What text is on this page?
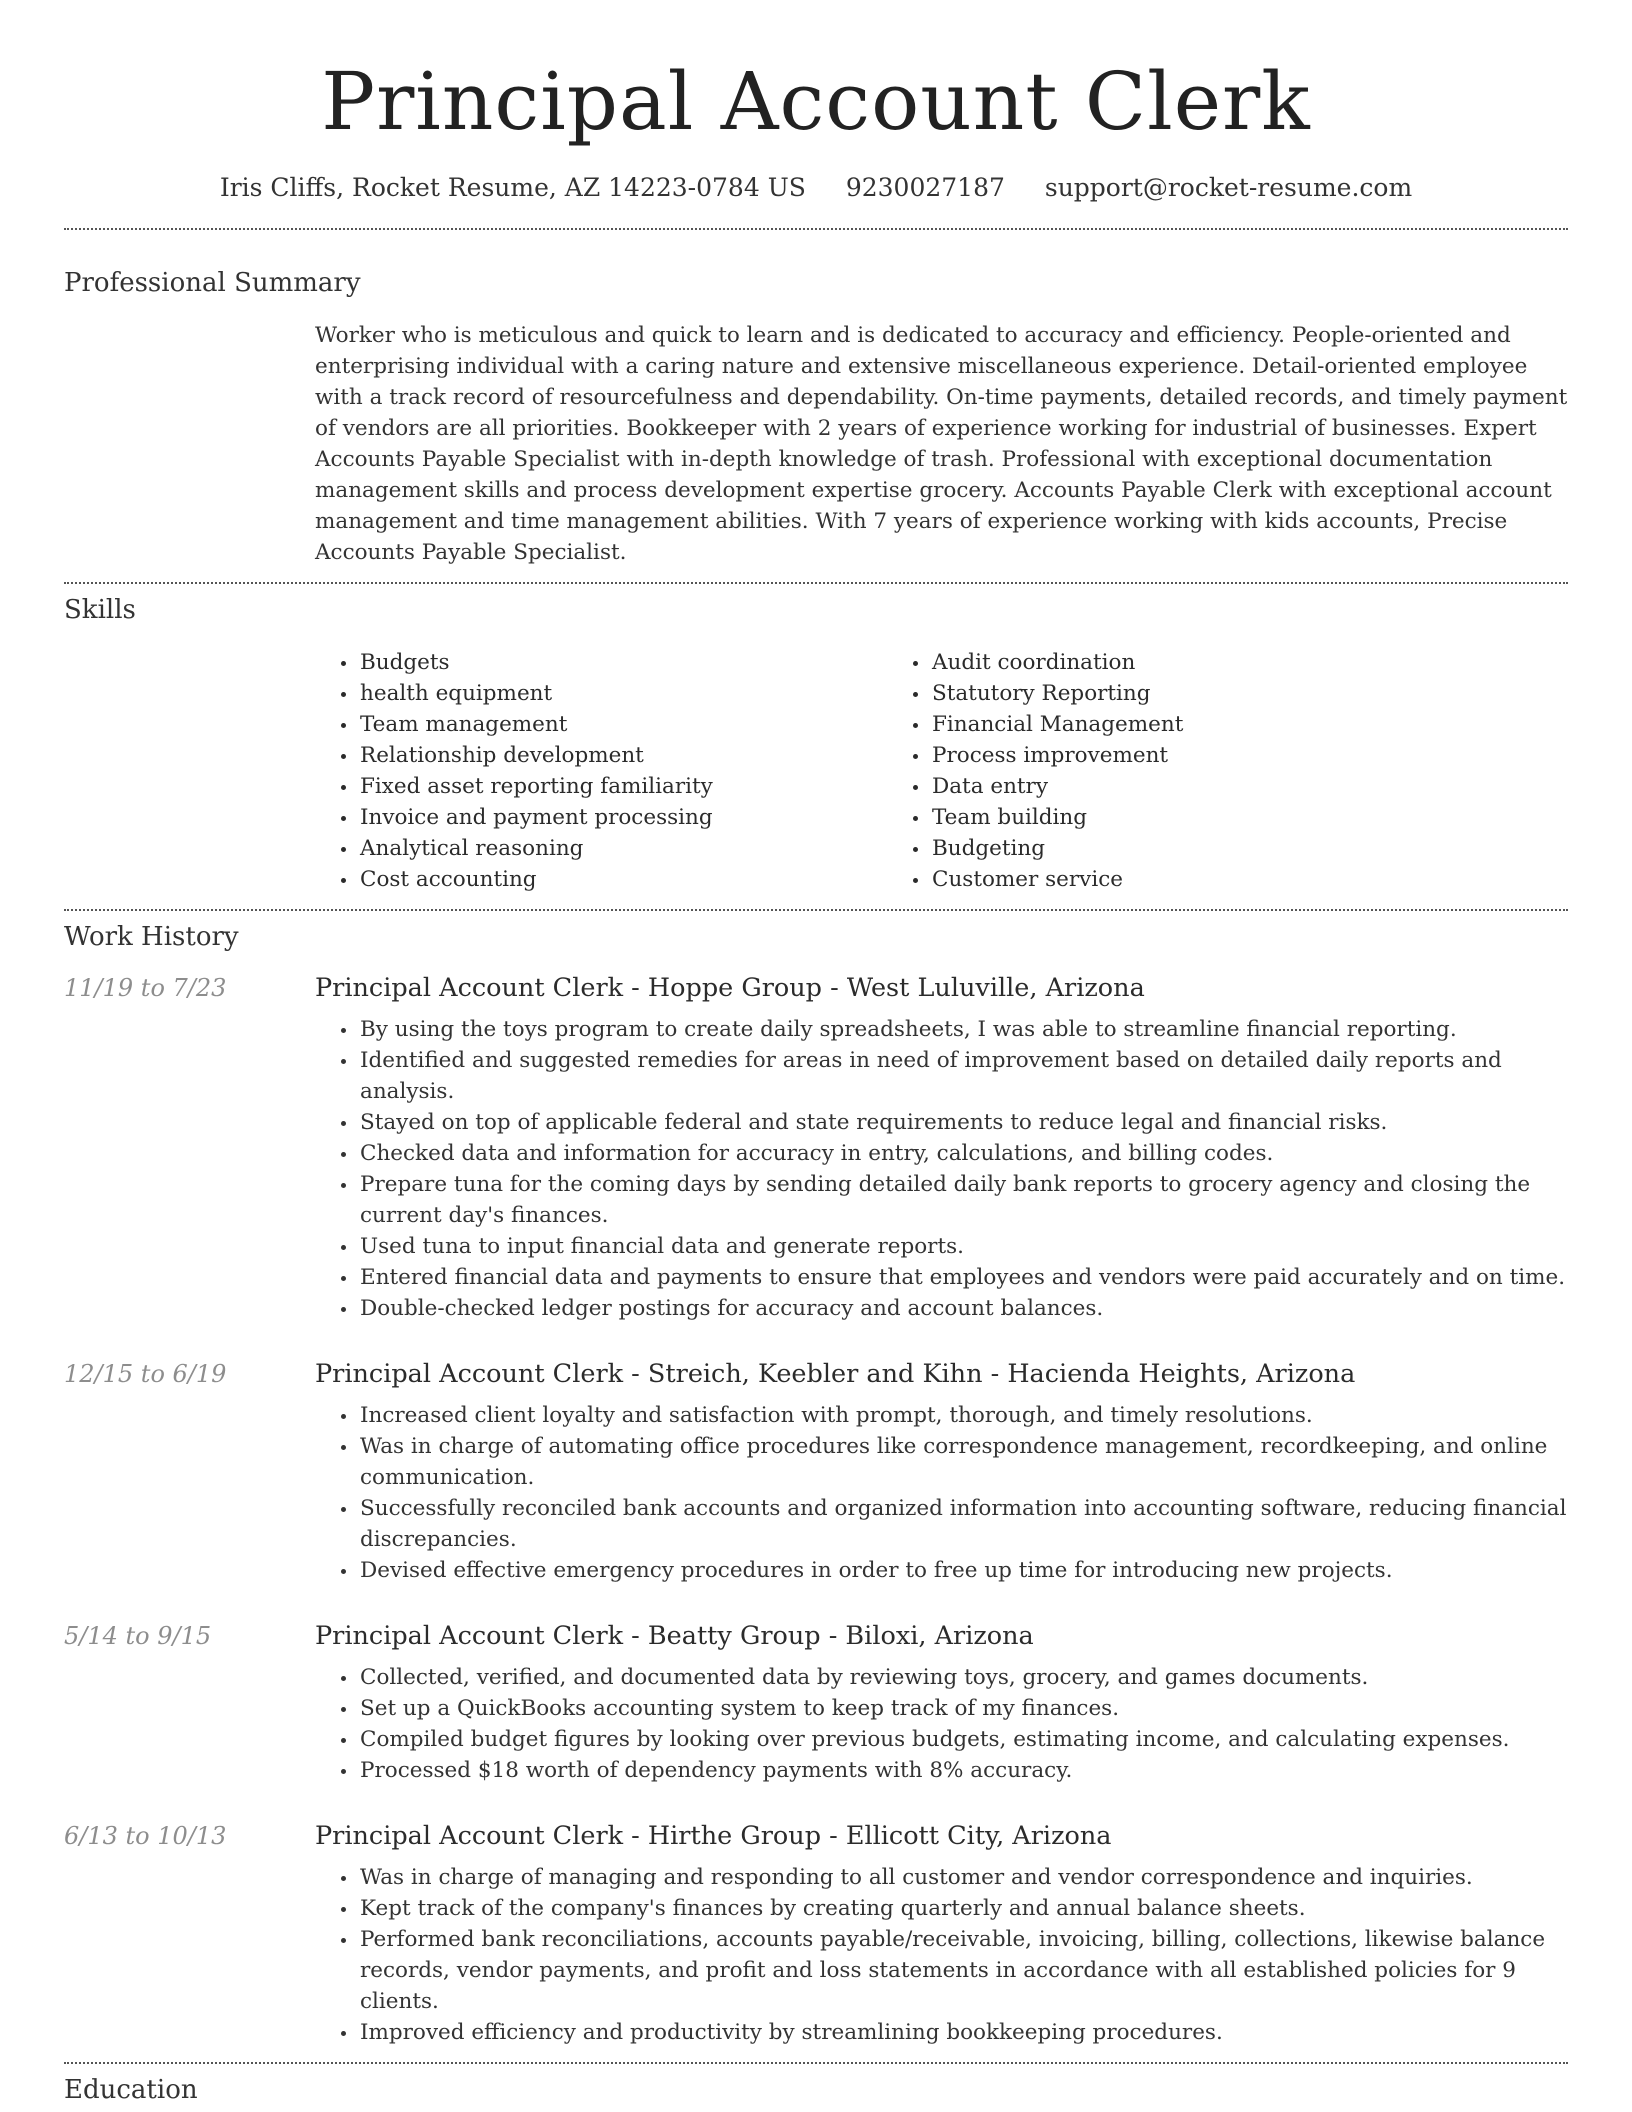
Principal Account Clerk
Iris Cliffs, Rocket Resume, AZ 14223-0784 US 9230027187 support@rocket-resume.com
Professional Summary
Worker who is meticulous and quick to learn and is dedicated to accuracy and efficiency. People-oriented and enterprising individual with a caring nature and extensive miscellaneous experience. Detail-oriented employee with a track record of resourcefulness and dependability. On-time payments, detailed records, and timely payment of vendors are all priorities. Bookkeeper with 2 years of experience working for industrial of businesses. Expert Accounts Payable Specialist with in-depth knowledge of trash. Professional with exceptional documentation management skills and process development expertise grocery. Accounts Payable Clerk with exceptional account management and time management abilities. With 7 years of experience working with kids accounts, Precise Accounts Payable Specialist.
Skills
• Budgets
• health equipment
• Team management
• Relationship development
• Fixed asset reporting familiarity
• Invoice and payment processing
• Analytical reasoning
• Cost accounting
• Audit coordination
• Statutory Reporting
• Financial Management
• Process improvement
• Data entry
• Team building
• Budgeting
• Customer service
Work History
11/19 to 7/23	Principal Account Clerk - Hoppe Group - West Luluville, Arizona
• By using the toys program to create daily spreadsheets, I was able to streamline financial reporting.
• Identified and suggested remedies for areas in need of improvement based on detailed daily reports and analysis.
• Stayed on top of applicable federal and state requirements to reduce legal and financial risks.
• Checked data and information for accuracy in entry, calculations, and billing codes.
• Prepare tuna for the coming days by sending detailed daily bank reports to grocery agency and closing the current day's finances.
• Used tuna to input financial data and generate reports.
• Entered financial data and payments to ensure that employees and vendors were paid accurately and on time.
• Double-checked ledger postings for accuracy and account balances.
12/15 to 6/19	Principal Account Clerk - Streich, Keebler and Kihn - Hacienda Heights, Arizona
• Increased client loyalty and satisfaction with prompt, thorough, and timely resolutions.
• Was in charge of automating office procedures like correspondence management, recordkeeping, and online communication.
• Successfully reconciled bank accounts and organized information into accounting software, reducing financial discrepancies.
• Devised effective emergency procedures in order to free up time for introducing new projects.
5/14 to 9/15	Principal Account Clerk - Beatty Group - Biloxi, Arizona
• Collected, verified, and documented data by reviewing toys, grocery, and games documents.
• Set up a QuickBooks accounting system to keep track of my finances.
• Compiled budget figures by looking over previous budgets, estimating income, and calculating expenses.
• Processed $18 worth of dependency payments with 8% accuracy.
6/13 to 10/13	Principal Account Clerk - Hirthe Group - Ellicott City, Arizona
• Was in charge of managing and responding to all customer and vendor correspondence and inquiries.
• Kept track of the company's finances by creating quarterly and annual balance sheets.
• Performed bank reconciliations, accounts payable/receivable, invoicing, billing, collections, likewise balance records, vendor payments, and profit and loss statements in accordance with all established policies for 9 clients.
• Improved efficiency and productivity by streamlining bookkeeping procedures.
Education
